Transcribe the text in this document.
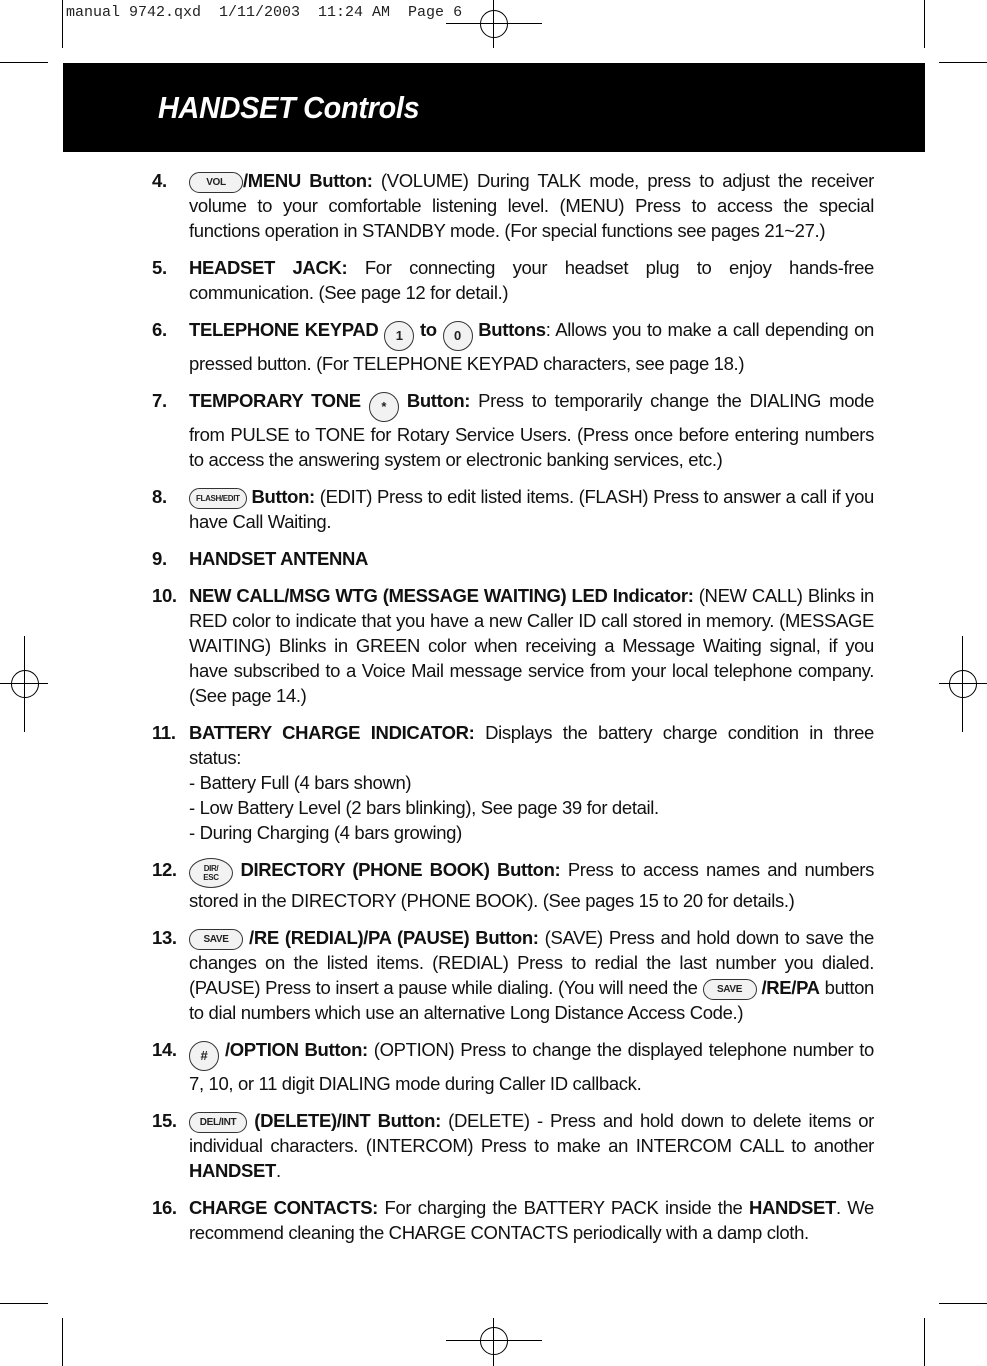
manual 9742.qxd  1/11/2003  11:24 AM  Page 6
HANDSET Controls
4.	VOL /MENU Button: (VOLUME) During TALK mode, press to adjust the receiver volume to your comfortable listening level. (MENU) Press to access the special functions operation in STANDBY mode. (For special functions see pages 21~27.)
5. HEADSET JACK: For connecting your headset plug to enjoy hands-free communication. (See page 12 for detail.)
6. TELEPHONE KEYPAD 1 to 0 Buttons: Allows you to make a call depending on pressed button. (For TELEPHONE KEYPAD characters, see page 18.)
7. TEMPORARY TONE * Button: Press to temporarily change the DIALING mode from PULSE to TONE for Rotary Service Users. (Press once before entering numbers to access the answering system or electronic banking services, etc.)
8.	FLASH/EDIT Button: (EDIT) Press to edit listed items. (FLASH) Press to answer a call if you have Call Waiting.
9. HANDSET ANTENNA
10. NEW CALL/MSG WTG (MESSAGE WAITING) LED Indicator: (NEW CALL) Blinks in RED color to indicate that you have a new Caller ID call stored in memory. (MESSAGE WAITING) Blinks in GREEN color when receiving a Message Waiting signal, if you have subscribed to a Voice Mail message service from your local telephone company. (See page 14.)
11. BATTERY CHARGE INDICATOR: Displays the battery charge condition in three status:
- Battery Full (4 bars shown)
- Low Battery Level (2 bars blinking), See page 39 for detail.
- During Charging (4 bars growing)
12.	DIR/
ESC DIRECTORY (PHONE BOOK) Button: Press to access names and numbers stored in the DIRECTORY (PHONE BOOK). (See pages 15 to 20 for details.)
13.	SAVE /RE (REDIAL)/PA (PAUSE) Button: (SAVE) Press and hold down to save the changes on the listed items. (REDIAL) Press to redial the last number you dialed. (PAUSE) Press to insert a pause while dialing. (You will need the SAVE /RE/PA button to dial numbers which use an alternative Long Distance Access Code.)
14. # /OPTION Button: (OPTION) Press to change the displayed telephone number to 7, 10, or 11 digit DIALING mode during Caller ID callback.
15. DEL/INT (DELETE)/INT Button: (DELETE) - Press and hold down to delete items or individual characters. (INTERCOM) Press to make an INTERCOM CALL to another HANDSET.
16. CHARGE CONTACTS: For charging the BATTERY PACK inside the HANDSET. We recommend cleaning the CHARGE CONTACTS periodically with a damp cloth.
